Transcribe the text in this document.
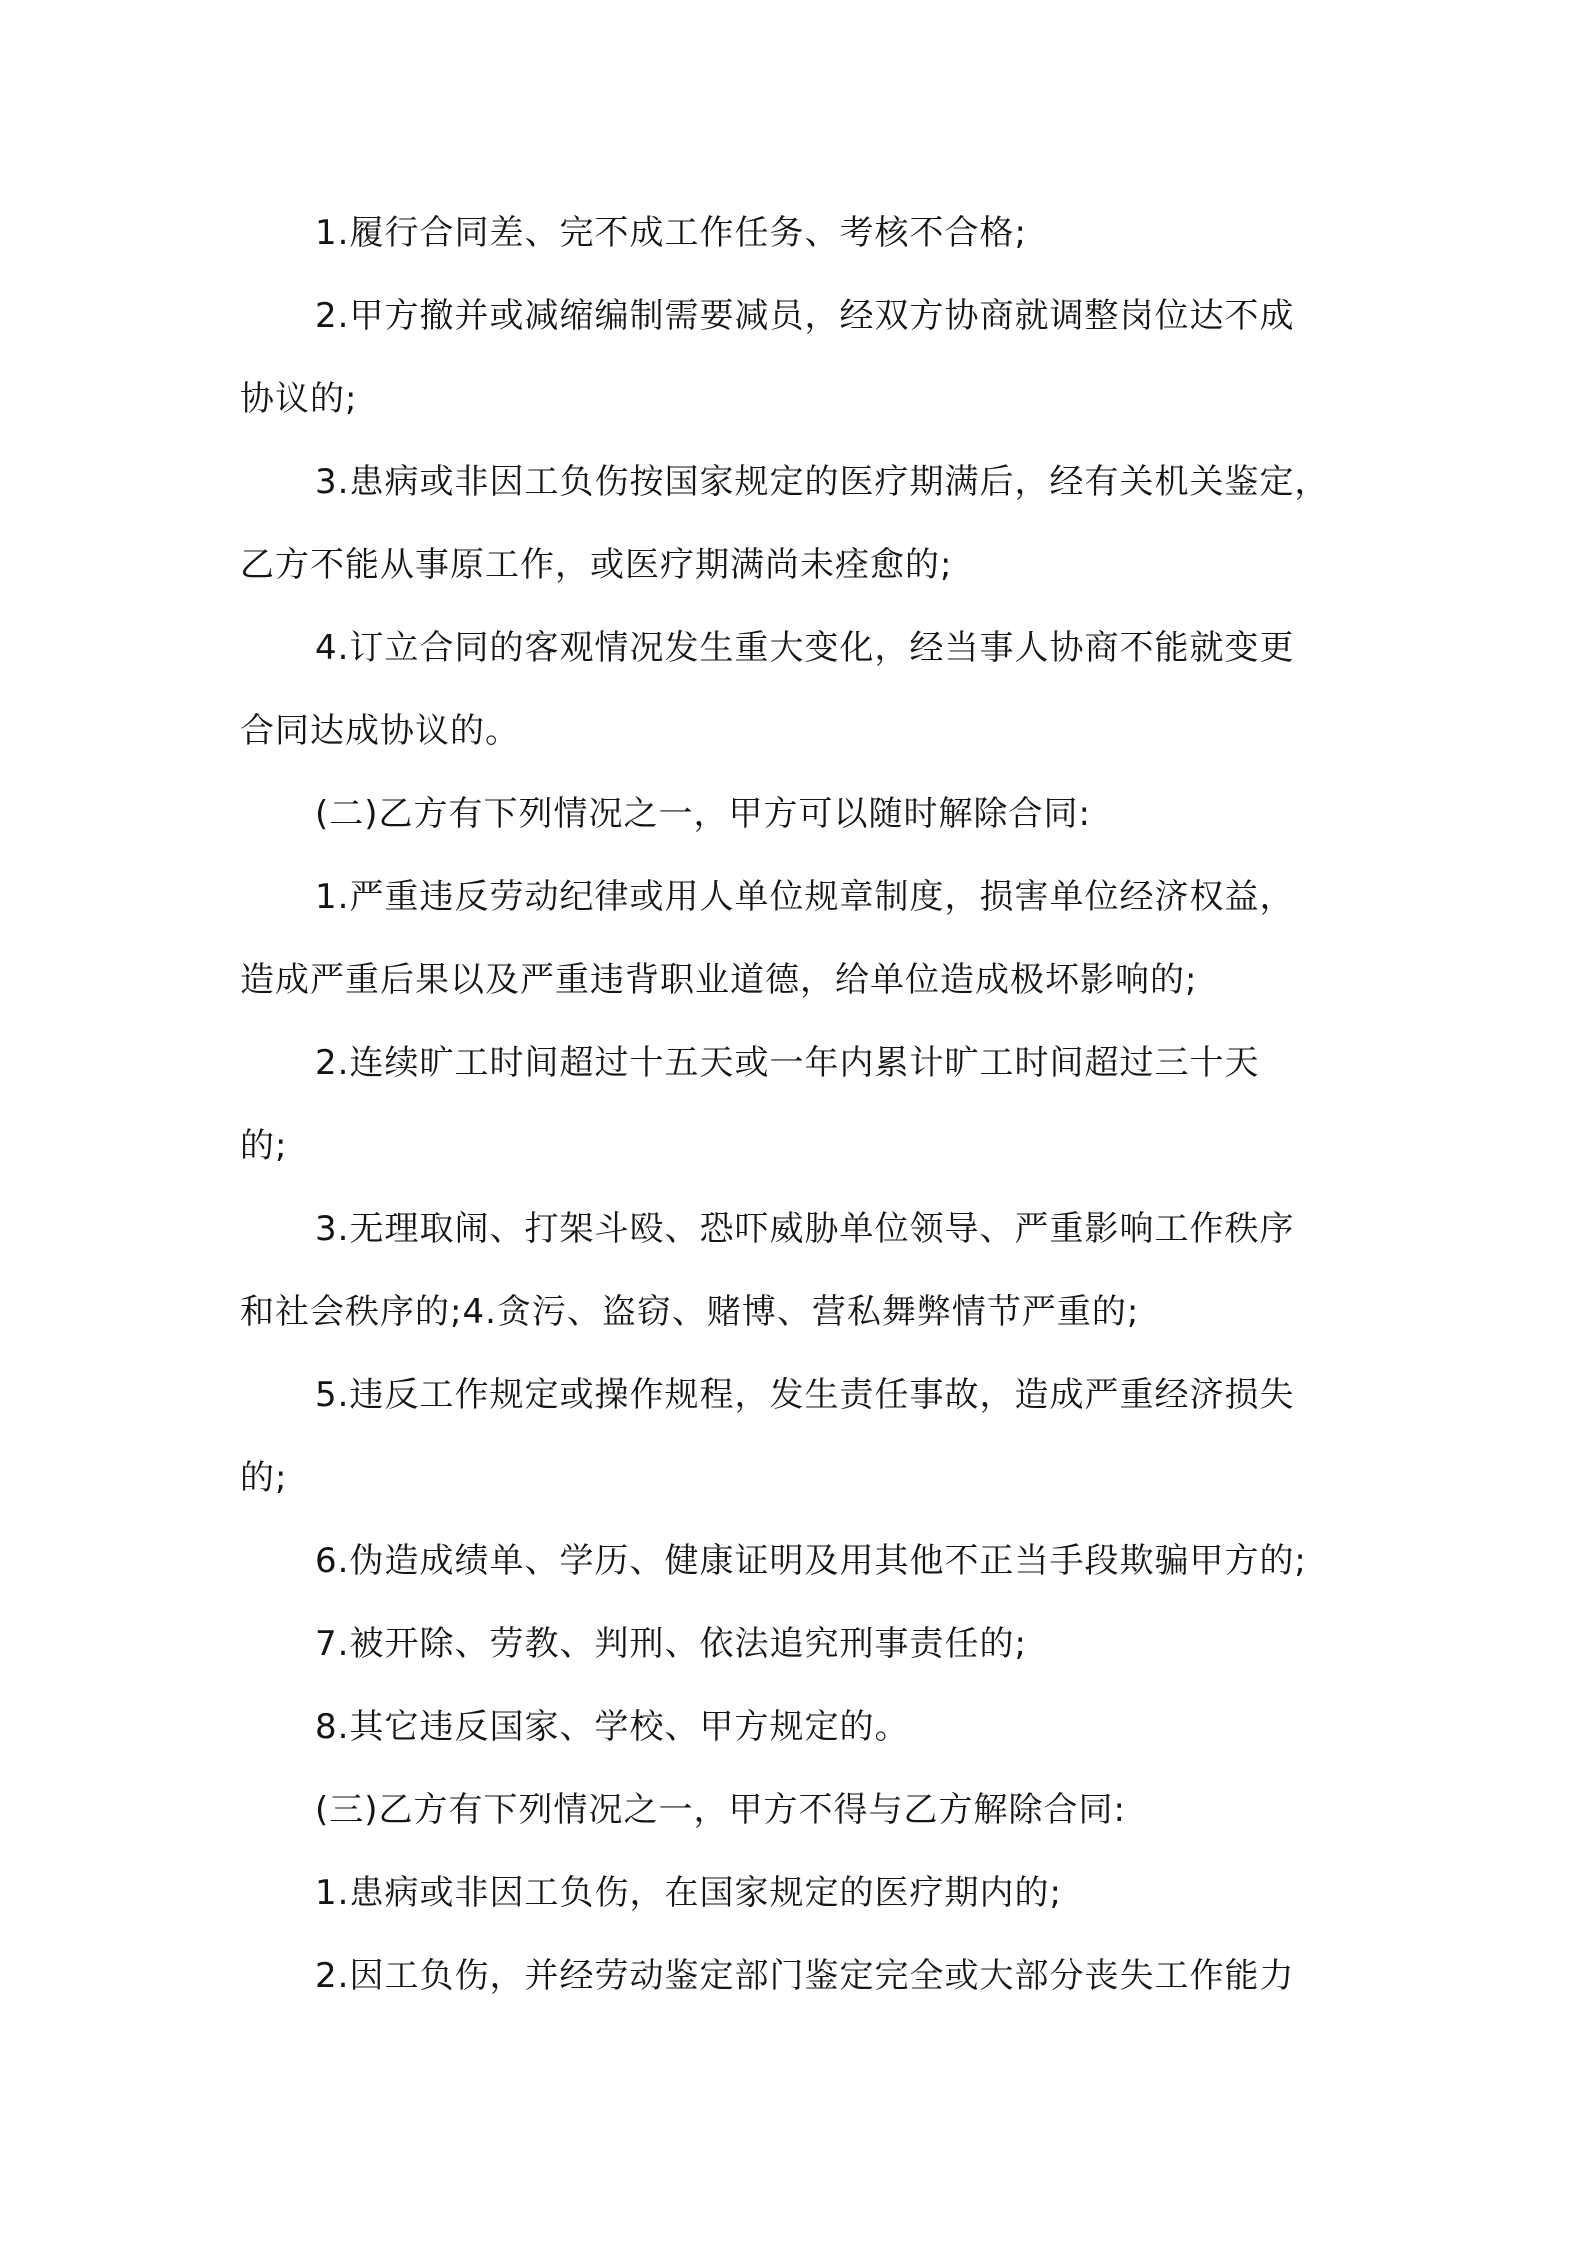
1.履行合同差、完不成工作任务、考核不合格;
2.甲方撤并或减缩编制需要减员，经双方协商就调整岗位达不成
协议的;
3.患病或非因工负伤按国家规定的医疗期满后，经有关机关鉴定，
乙方不能从事原工作，或医疗期满尚未痊愈的;
4.订立合同的客观情况发生重大变化，经当事人协商不能就变更
合同达成协议的。
(二)乙方有下列情况之一，甲方可以随时解除合同:
1.严重违反劳动纪律或用人单位规章制度，损害单位经济权益，
造成严重后果以及严重违背职业道德，给单位造成极坏影响的;
2.连续旷工时间超过十五天或一年内累计旷工时间超过三十天
的;
3.无理取闹、打架斗殴、恐吓威胁单位领导、严重影响工作秩序
和社会秩序的;4.贪污、盗窃、赌博、营私舞弊情节严重的;
5.违反工作规定或操作规程，发生责任事故，造成严重经济损失
的;
6.伪造成绩单、学历、健康证明及用其他不正当手段欺骗甲方的;
7.被开除、劳教、判刑、依法追究刑事责任的;
8.其它违反国家、学校、甲方规定的。
(三)乙方有下列情况之一，甲方不得与乙方解除合同:
1.患病或非因工负伤，在国家规定的医疗期内的;
2.因工负伤，并经劳动鉴定部门鉴定完全或大部分丧失工作能力
